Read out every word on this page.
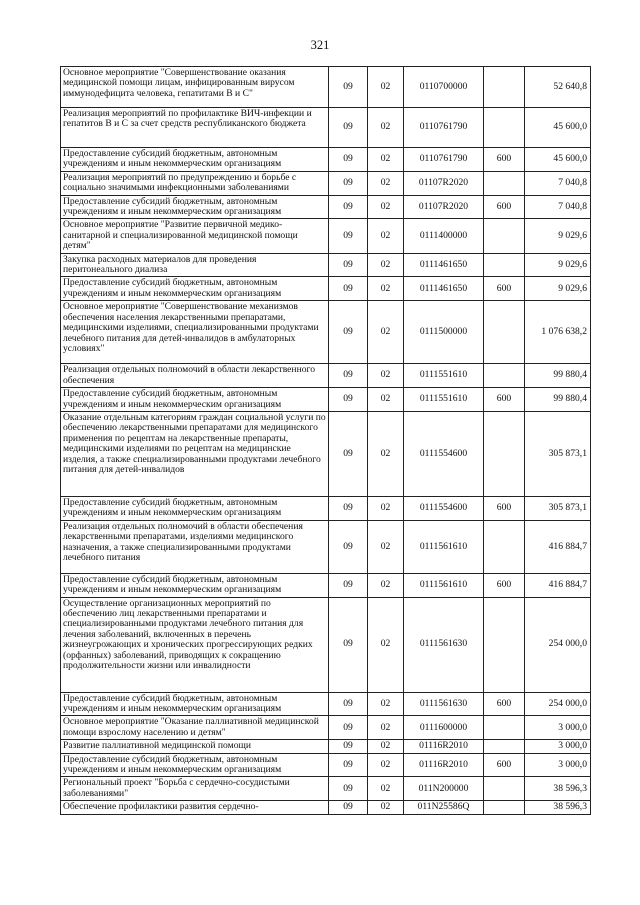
321
Основное мероприятие "Совершенствование оказания медицинской помощи лицам, инфицированным вирусом иммунодефицита человека, гепатитами В и С"	09	02	0110700000		52 640,8
Реализация мероприятий по профилактике ВИЧ-инфекции и гепатитов В и С за счет средств республиканского бюджета	09	02	0110761790		45 600,0
Предоставление субсидий бюджетным, автономным учреждениям и иным некоммерческим организациям	09	02	0110761790	600	45 600,0
Реализация мероприятий по предупреждению и борьбе с социально значимыми инфекционными заболеваниями	09	02	01107R2020		7 040,8
Предоставление субсидий бюджетным, автономным учреждениям и иным некоммерческим организациям	09	02	01107R2020	600	7 040,8
Основное мероприятие "Развитие первичной медико-санитарной и специализированной медицинской помощи детям"	09	02	0111400000		9 029,6
Закупка расходных материалов для проведения перитонеального диализа	09	02	0111461650		9 029,6
Предоставление субсидий бюджетным, автономным учреждениям и иным некоммерческим организациям	09	02	0111461650	600	9 029,6
Основное мероприятие "Совершенствование механизмов обеспечения населения лекарственными препаратами, медицинскими изделиями, специализированными продуктами лечебного питания для детей-инвалидов в амбулаторных условиях"	09	02	0111500000		1 076 638,2
Реализация отдельных полномочий в области лекарственного обеспечения	09	02	0111551610		99 880,4
Предоставление субсидий бюджетным, автономным учреждениям и иным некоммерческим организациям	09	02	0111551610	600	99 880,4
Оказание отдельным категориям граждан социальной услуги по обеспечению лекарственными препаратами для медицинского применения по рецептам на лекарственные препараты, медицинскими изделиями по рецептам на медицинские изделия, а также специализированными продуктами лечебного питания для детей-инвалидов	09	02	0111554600		305 873,1
Предоставление субсидий бюджетным, автономным учреждениям и иным некоммерческим организациям	09	02	0111554600	600	305 873,1
Реализация отдельных полномочий в области обеспечения лекарственными препаратами, изделиями медицинского назначения, а также специализированными продуктами лечебного питания	09	02	0111561610		416 884,7
Предоставление субсидий бюджетным, автономным учреждениям и иным некоммерческим организациям	09	02	0111561610	600	416 884,7
Осуществление организационных мероприятий по обеспечению лиц лекарственными препаратами и специализированными продуктами лечебного питания для лечения заболеваний, включенных в перечень жизнеугрожающих и хронических прогрессирующих редких (орфанных) заболеваний, приводящих к сокращению продолжительности жизни или инвалидности	09	02	0111561630		254 000,0
Предоставление субсидий бюджетным, автономным учреждениям и иным некоммерческим организациям	09	02	0111561630	600	254 000,0
Основное мероприятие "Оказание паллиативной медицинской помощи взрослому населению и детям"	09	02	0111600000		3 000,0
Развитие паллиативной медицинской помощи	09	02	01116R2010		3 000,0
Предоставление субсидий бюджетным, автономным учреждениям и иным некоммерческим организациям	09	02	01116R2010	600	3 000,0
Региональный проект "Борьба с сердечно-сосудистыми заболеваниями"	09	02	011N200000		38 596,3
Обеспечение профилактики развития сердечно-	09	02	011N25586Q		38 596,3
